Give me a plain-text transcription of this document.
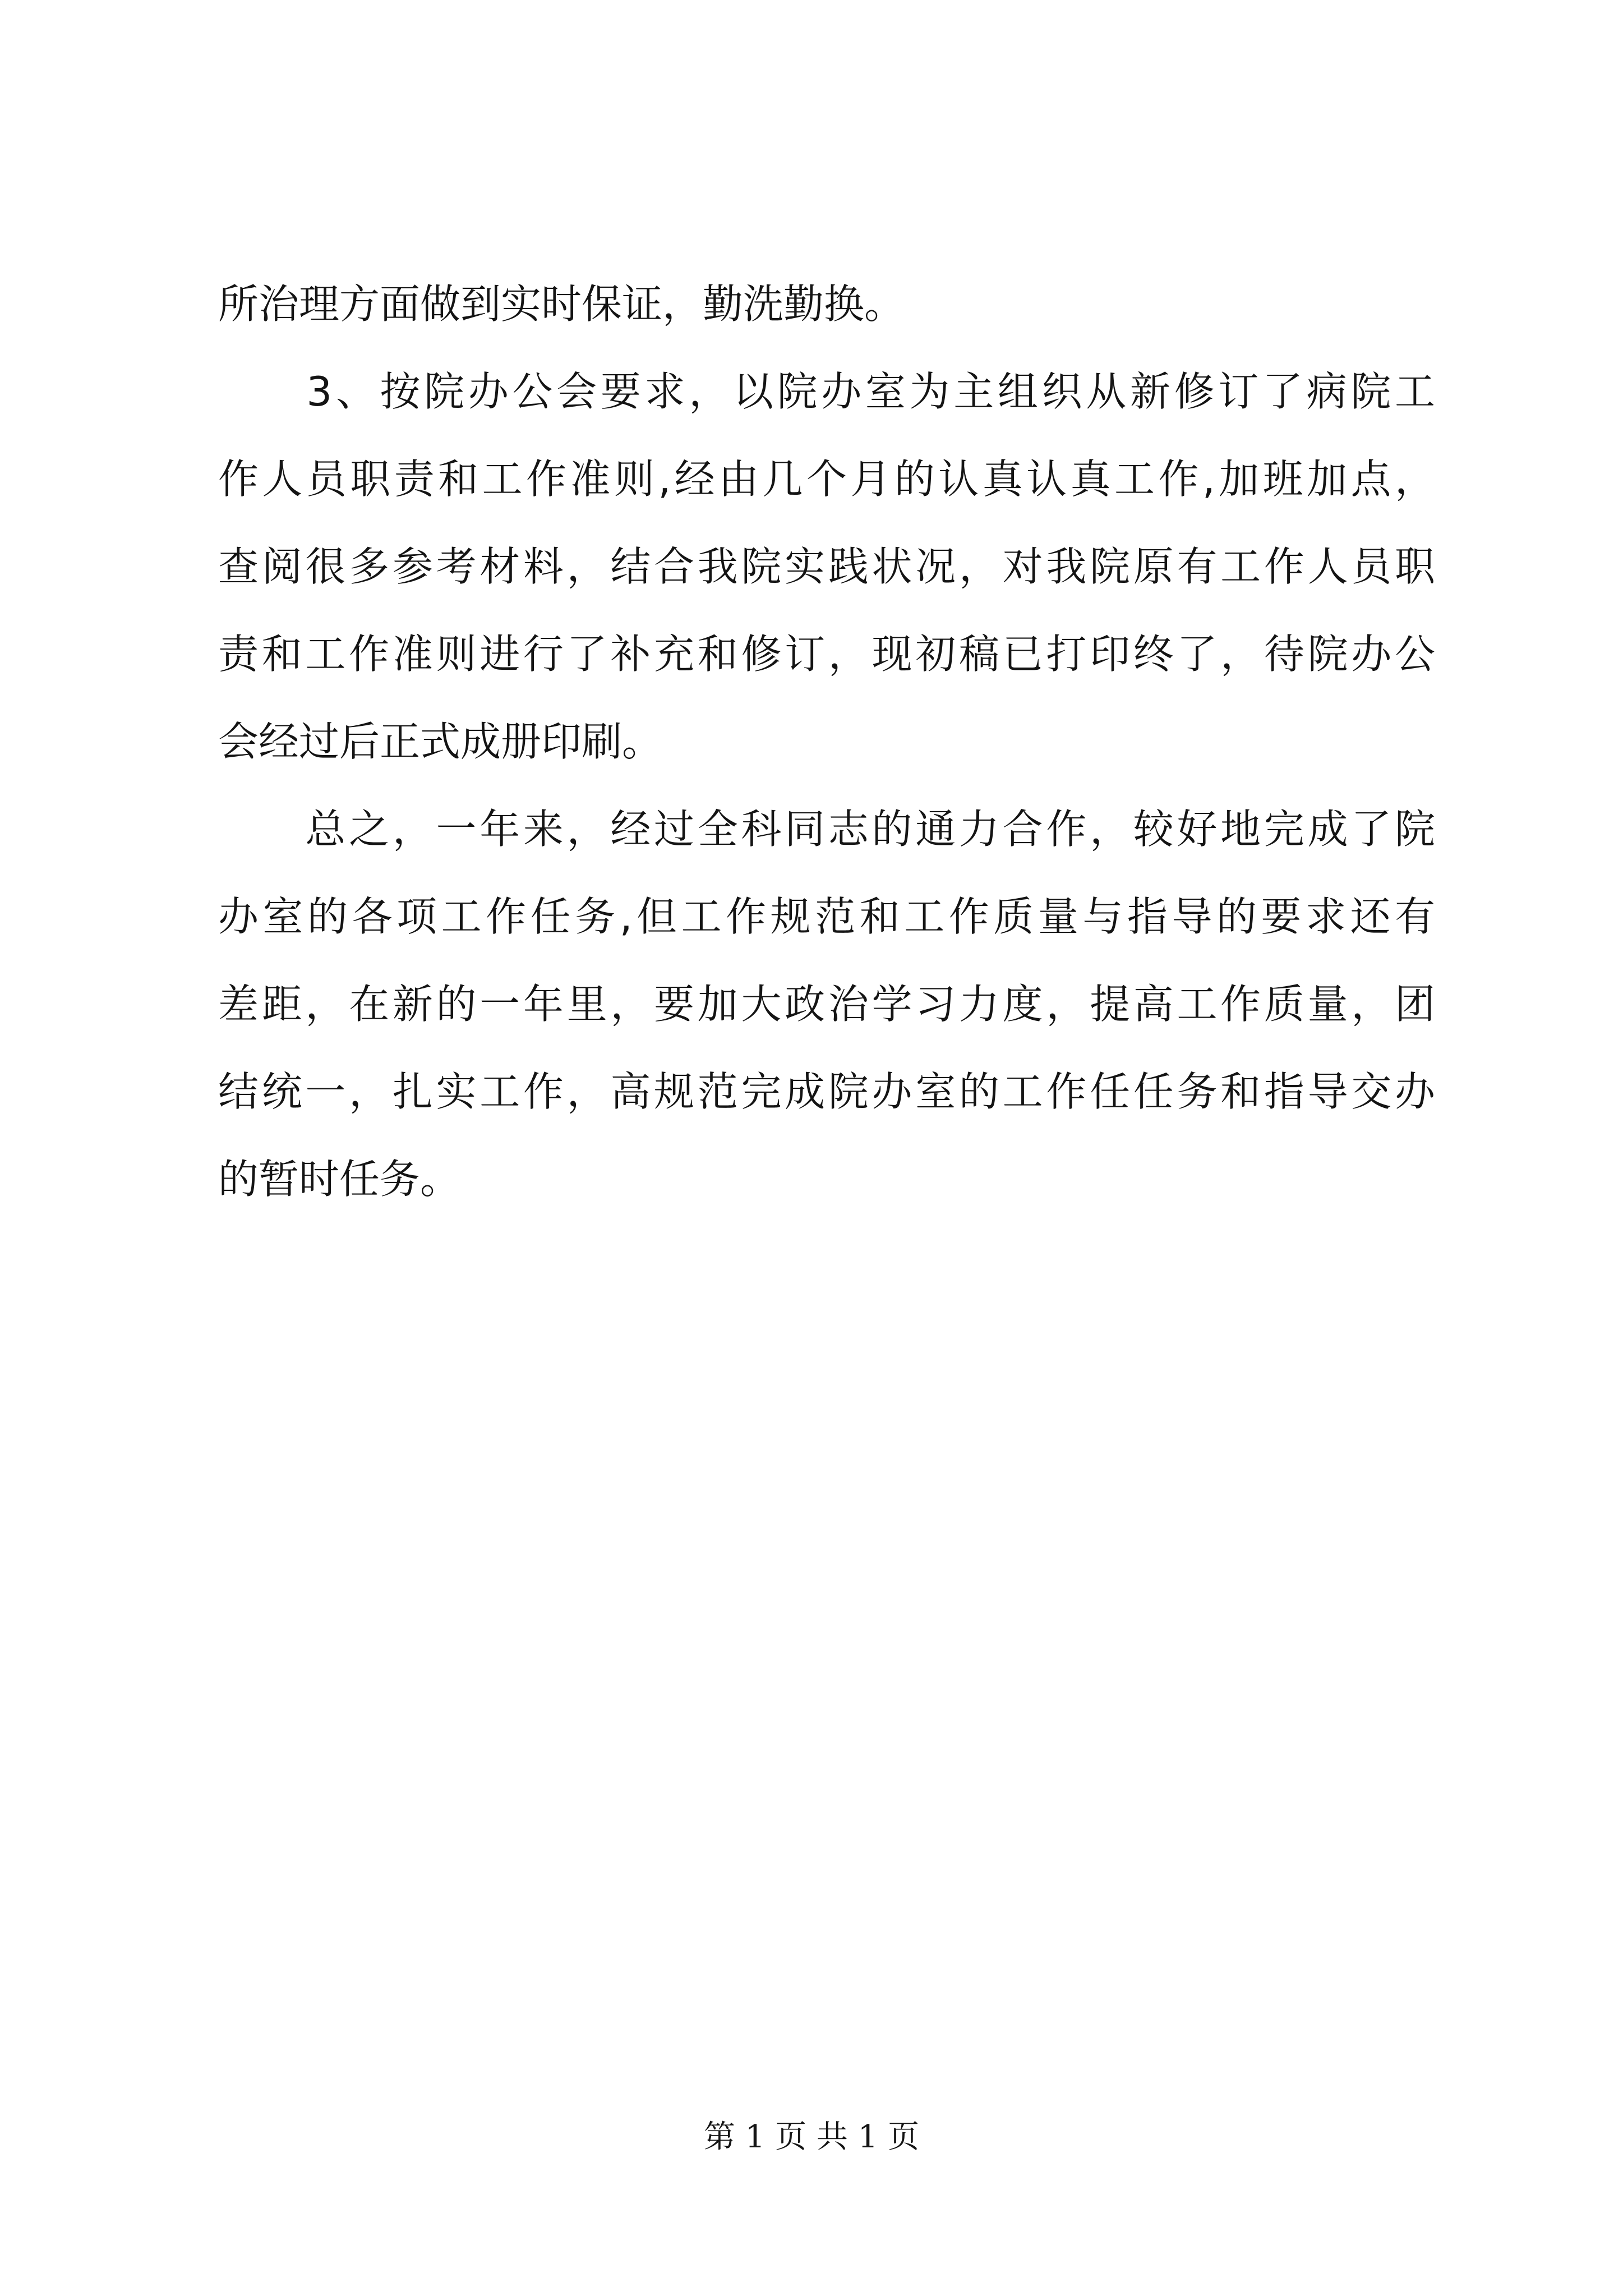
所治理方面做到实时保证，勤洗勤换。
　　3、按院办公会要求，以院办室为主组织从新修订了病院工
作人员职责和工作准则,经由几个月的认真认真工作,加班加点，
查阅很多参考材料，结合我院实践状况，对我院原有工作人员职
责和工作准则进行了补充和修订，现初稿已打印终了，待院办公
会经过后正式成册印刷。
　　总之，一年来，经过全科同志的通力合作，较好地完成了院
办室的各项工作任务,但工作规范和工作质量与指导的要求还有
差距，在新的一年里，要加大政治学习力度，提高工作质量，团
结统一，扎实工作，高规范完成院办室的工作任任务和指导交办
的暂时任务。
第 1 页 共 1 页
